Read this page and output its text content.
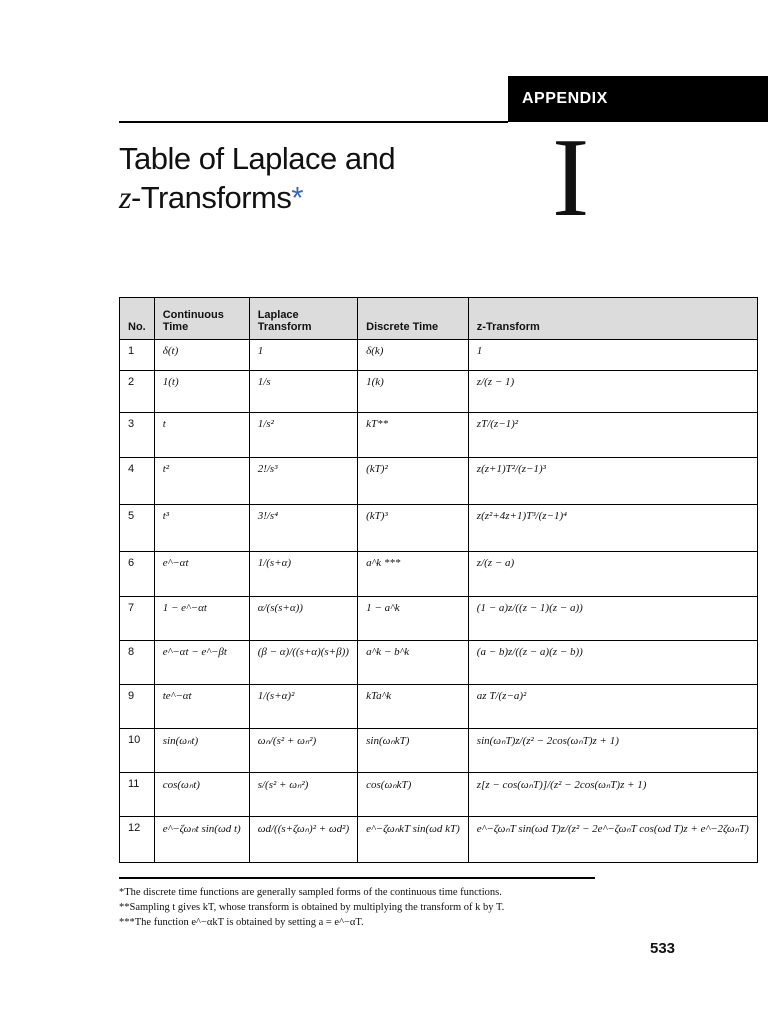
APPENDIX
Table of Laplace and
z-Transforms*	I
No.	Continuous Time	Laplace Transform	Discrete Time	z-Transform
1	δ(t)	1	δ(k)	1
2	1(t)	1/s	1(k)	z/(z − 1)
3	t	1/s²	kT**	zT/(z−1)²
4	t²	2!/s³	(kT)²	z(z+1)T²/(z−1)³
5	t³	3!/s⁴	(kT)³	z(z²+4z+1)T³/(z−1)⁴
6	e^−αt	1/(s+α)	a^k ***	z/(z − a)
7	1 − e^−αt	α/(s(s+α))	1 − a^k	(1 − a)z/((z − 1)(z − a))
8	e^−αt − e^−βt	(β − α)/((s+α)(s+β))	a^k − b^k	(a − b)z/((z − a)(z − b))
9	te^−αt	1/(s+α)²	kTa^k	az T/(z−a)²
10	sin(ωₙt)	ωₙ/(s² + ωₙ²)	sin(ωₙkT)	sin(ωₙT)z/(z² − 2cos(ωₙT)z + 1)
11	cos(ωₙt)	s/(s² + ωₙ²)	cos(ωₙkT)	z[z − cos(ωₙT)]/(z² − 2cos(ωₙT)z + 1)
12	e^−ζωₙt sin(ωd t)	ωd/((s+ζωₙ)² + ωd²)	e^−ζωₙkT sin(ωd kT)	e^−ζωₙT sin(ωd T)z/(z² − 2e^−ζωₙT cos(ωd T)z + e^−2ζωₙT)
*The discrete time functions are generally sampled forms of the continuous time functions.
**Sampling t gives kT, whose transform is obtained by multiplying the transform of k by T.
***The function e^−αkT is obtained by setting a = e^−αT.
533
